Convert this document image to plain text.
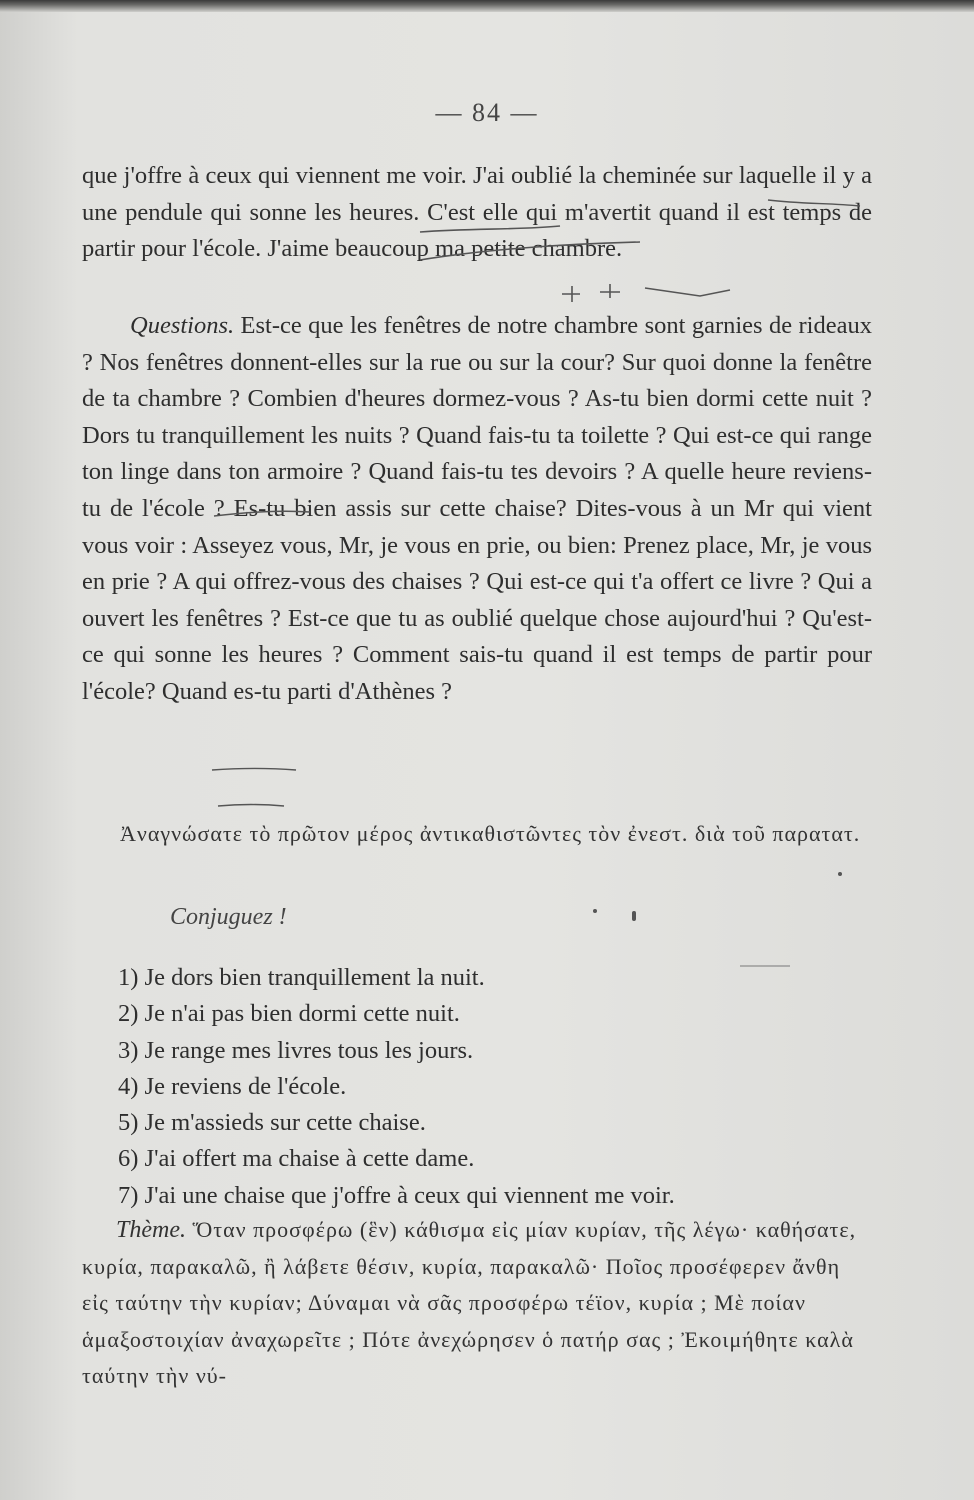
— 84 —

que j'offre à ceux qui viennent me voir. J'ai oublié la cheminée sur laquelle il y a une pendule qui sonne les heures. C'est elle qui m'avertit quand il est temps de partir pour l'école. J'aime beaucoup ma petite chambre.

Questions. Est-ce que les fenêtres de notre chambre sont garnies de rideaux ? Nos fenêtres donnent-elles sur la rue ou sur la cour? Sur quoi donne la fenêtre de ta chambre ? Combien d'heures dormez-vous ? As-tu bien dormi cette nuit ? Dors tu tranquillement les nuits ? Quand fais-tu ta toilette ? Qui est-ce qui range ton linge dans ton armoire ? Quand fais-tu tes devoirs ? A quelle heure reviens-tu de l'école ? Es-tu bien assis sur cette chaise? Dites-vous à un Mr qui vient vous voir : Asseyez vous, Mr, je vous en prie, ou bien: Prenez place, Mr, je vous en prie ? A qui offrez-vous des chaises ? Qui est-ce qui t'a offert ce livre ? Qui a ouvert les fenêtres ? Est-ce que tu as oublié quelque chose aujourd'hui ? Qu'est-ce qui sonne les heures ? Comment sais-tu quand il est temps de partir pour l'école? Quand es-tu parti d'Athènes ?

Ἀναγνώσατε τὸ πρῶτον μέρος ἀντικαθιστῶντες τὸν ἐνεστ. διὰ τοῦ παρατατ.
Conjuguez !
1) Je dors bien tranquillement la nuit.
2) Je n'ai pas bien dormi cette nuit.
3) Je range mes livres tous les jours.
4) Je reviens de l'école.
5) Je m'assieds sur cette chaise.
6) J'ai offert ma chaise à cette dame.
7) J'ai une chaise que j'offre à ceux qui viennent me voir.
Thème. Ὅταν προσφέρω (ἓν) κάθισμα εἰς μίαν κυρίαν, τῆς λέγω· καθήσατε, κυρία, παρακαλῶ, ἢ λάβετε θέσιν, κυρία, παρακαλῶ· Ποῖος προσέφερεν ἄνθη εἰς ταύτην τὴν κυρίαν; Δύναμαι νὰ σᾶς προσφέρω τέϊον, κυρία ; Μὲ ποίαν ἁμαξοστοιχίαν ἀναχωρεῖτε ; Πότε ἀνεχώρησεν ὁ πατήρ σας ; Ἐκοιμήθητε καλὰ ταύτην τὴν νύ-
